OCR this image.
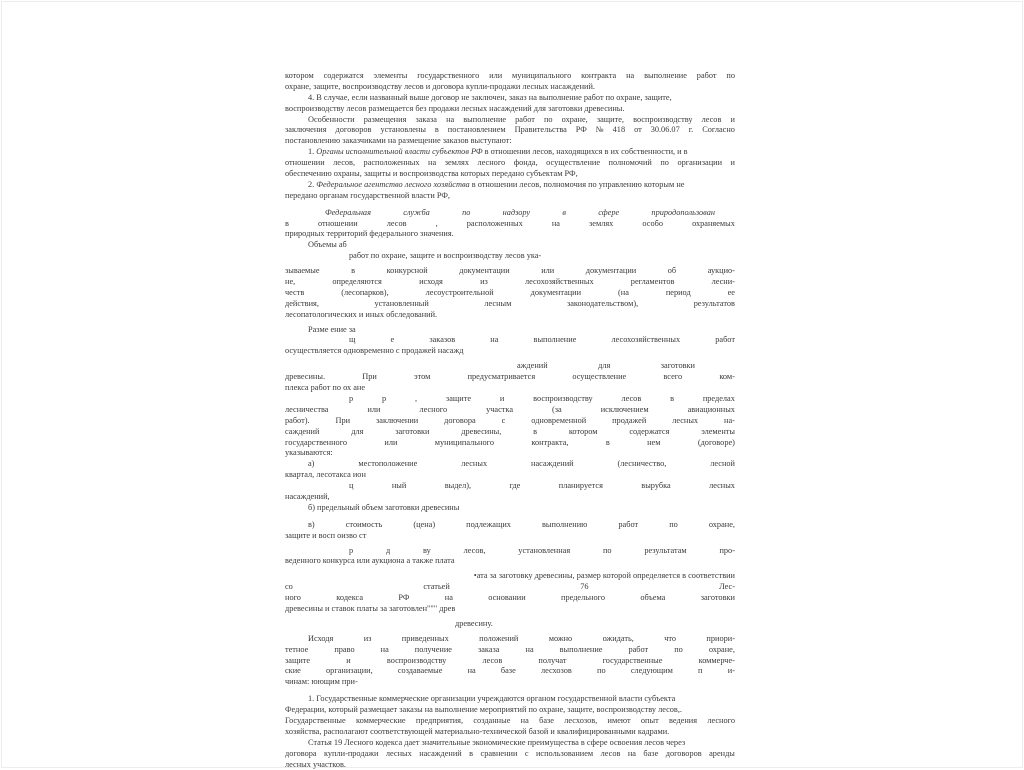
котором содержатся элементы государственного или муниципального контракта на выполнение работ по
охране, защите, воспроизводству лесов и договора купли-продажи лесных насаждений.
4. В случае, если названный выше договор не заключен, заказ на выполнение работ по охране, защите,
воспроизводству лесов размещается без продажи лесных насаждений для заготовки древесины.
Особенности размещения заказа на выполнение работ по охране, защите, воспроизводству лесов и
заключения договоров установлены в постановлением Правительства РФ № 418 от 30.06.07 г. Согласно
постановлению заказчиками на размещение заказов выступают:
1. Органы исполнительной власти субъектов РФ в отношении лесов, находящихся в их собственности, и в
отношении лесов, расположенных на землях лесного фонда, осуществление полномочий по организации и
обеспечению охраны, защиты и воспроизводства которых передано субъектам РФ,
2. Федеральное агентство лесного хозяйства в отношении лесов, полномочия по управлению которым не
передано органам государственной власти РФ,
Федеральная	служба	по	надзору	в	сфере	природопользован
в	отношении	лесов	,	расположенных	на	землях	особо	охраняемых
природных территорий федерального значения.
Объемы аб
работ по охране, защите и воспроизводству лесов ука-
зываемые	в	конкурсной	документации	или	документации	об	аукцио-
не,	определяются	исходя	из	лесохозяйственных	регламентов	лесни-
честв	(лесопарков),	лесоустроительной	документации	(на	период	ее
действия,	установленный	лесным	законодательством),	результатов
лесопатологических и иных обследований.
Разме ение за
щ	е	заказов	на	выполнение	лесохозяйственных	работ
осуществляется одновременно с продажей насажд
аждений	для	заготовки
древесины.	При	этом	предусматривается	осуществление	всего	ком-
плекса работ по ох ане
р	р	,	защите	и	воспроизводству	лесов	в	пределах
лесничества	или	лесного	участка	(за	исключением	авиационных
работ).	При	заключении	договора	с	одновременной	продажей	лесных	на-
саждений	для	заготовки	древесины,	в	котором	содержатся	элементы
государственного	или	муниципального	контракта,	в	нем	(договоре)
указываются:
а)	местоположение	лесных	насаждений	(лесничество,	лесной
квартал, лесотакса ион
ц	ный	выдел),	где	планируется	вырубка	лесных
насаждений,
б) предельный объем заготовки древесины
в)	стоимость	(цена)	подлежащих	выполнению	работ	по	охране,
защите и восп оизво ст
р	д	ву	лесов,	установленная	по	результатам	про-
веденного конкурса или аукциона а также плата
•ата за заготовку древесины, размер которой определяется в соответствии
со	статьей	76	Лес-
ного	кодекса	РФ	на	основании	предельного	объема	заготовки
древесины и ставок платы за заготовлен""" древ
древесину.
Исходя	из	приведенных	положений	можно	ожидать,	что	приори-
тетное	право	на	получение	заказа	на	выполнение	работ	по	охране,
защите	и	воспроизводству	лесов	получат	государственные	коммерче-
ские	организации,	создаваемые	на	базе	лесхозов	по	следующим	п	и-
чинам: юющим при-
1. Государственные коммерческие организации учреждаются органом государственной власти субъекта
Федерации, который размещает заказы на выполнение мероприятий по охране, защите, воспроизводству лесов,.
Государственные коммерческие предприятия, созданные на базе лесхозов, имеют опыт ведения лесного
хозяйства, располагают соответствующей материально-технической базой и квалифицированными кадрами.
Статья 19 Лесного кодекса дает значительные экономические преимущества в сфере освоения лесов через
договора купли-продажи лесных насаждений в сравнении с использованием лесов на базе договоров аренды
лесных участков.
